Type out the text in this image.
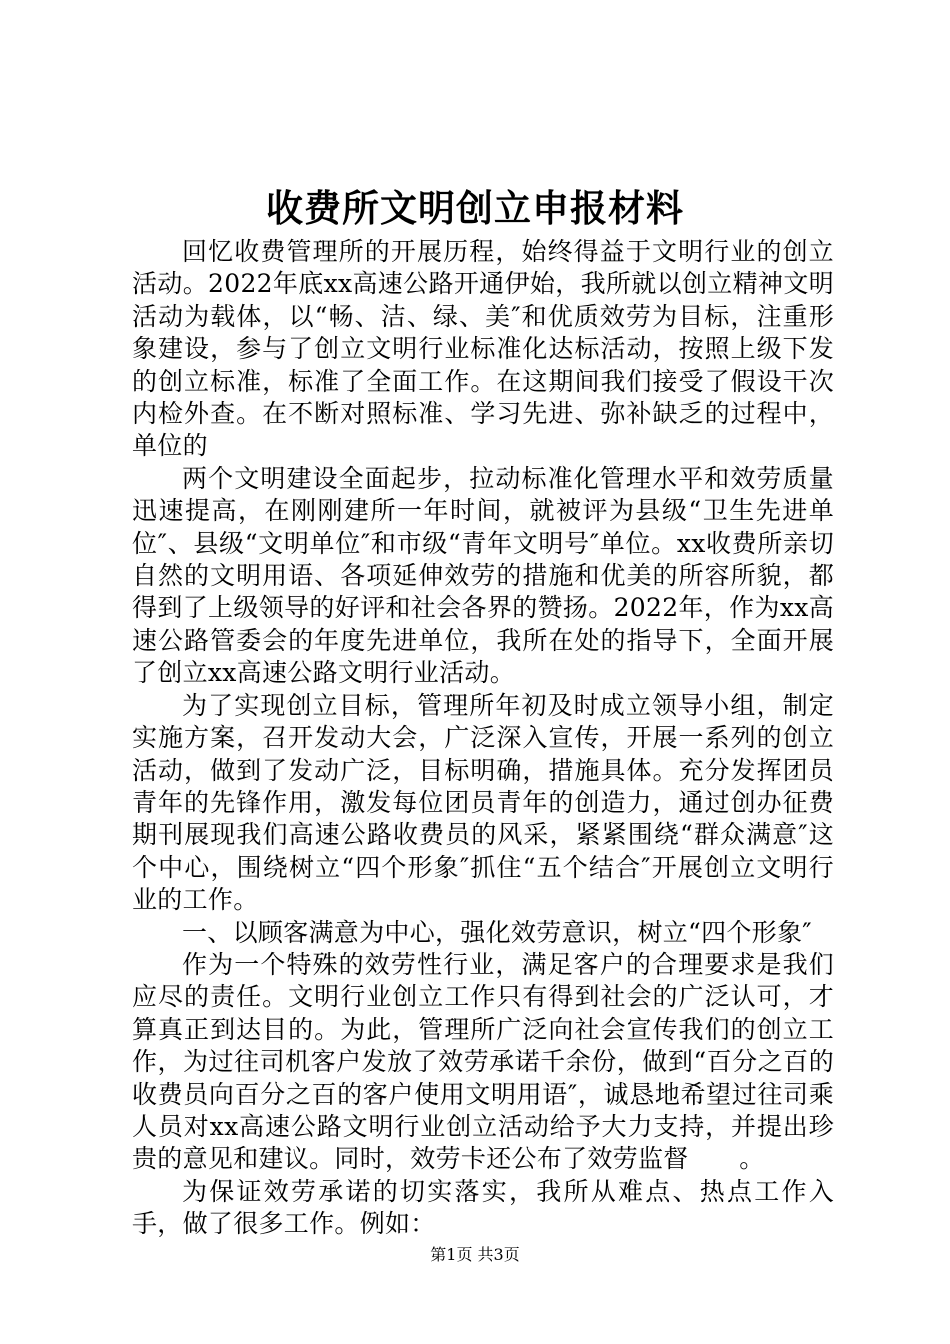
收费所文明创立申报材料

回忆收费管理所的开展历程，始终得益于文明行业的创立活动。2022年底xx高速公路开通伊始，我所就以创立精神文明活动为载体，以“畅、洁、绿、美″和优质效劳为目标，注重形象建设，参与了创立文明行业标准化达标活动，按照上级下发的创立标准，标准了全面工作。在这期间我们接受了假设干次内检外查。在不断对照标准、学习先进、弥补缺乏的过程中，单位的

两个文明建设全面起步，拉动标准化管理水平和效劳质量迅速提高，在刚刚建所一年时间，就被评为县级“卫生先进单位″、县级“文明单位″和市级“青年文明号″单位。xx收费所亲切自然的文明用语、各项延伸效劳的措施和优美的所容所貌，都得到了上级领导的好评和社会各界的赞扬。2022年，作为xx高速公路管委会的年度先进单位，我所在处的指导下，全面开展了创立xx高速公路文明行业活动。

为了实现创立目标，管理所年初及时成立领导小组，制定实施方案，召开发动大会，广泛深入宣传，开展一系列的创立活动，做到了发动广泛，目标明确，措施具体。充分发挥团员青年的先锋作用，激发每位团员青年的创造力，通过创办征费期刊展现我们高速公路收费员的风采，紧紧围绕“群众满意″这个中心，围绕树立“四个形象″抓住“五个结合″开展创立文明行业的工作。

一、以顾客满意为中心，强化效劳意识，树立“四个形象″

作为一个特殊的效劳性行业，满足客户的合理要求是我们应尽的责任。文明行业创立工作只有得到社会的广泛认可，才算真正到达目的。为此，管理所广泛向社会宣传我们的创立工作，为过往司机客户发放了效劳承诺千余份，做到“百分之百的收费员向百分之百的客户使用文明用语″，诚恳地希望过往司乘人员对xx高速公路文明行业创立活动给予大力支持，并提出珍贵的意见和建议。同时，效劳卡还公布了效劳监督　　。

为保证效劳承诺的切实落实，我所从难点、热点工作入手，做了很多工作。例如：

第1页 共3页
